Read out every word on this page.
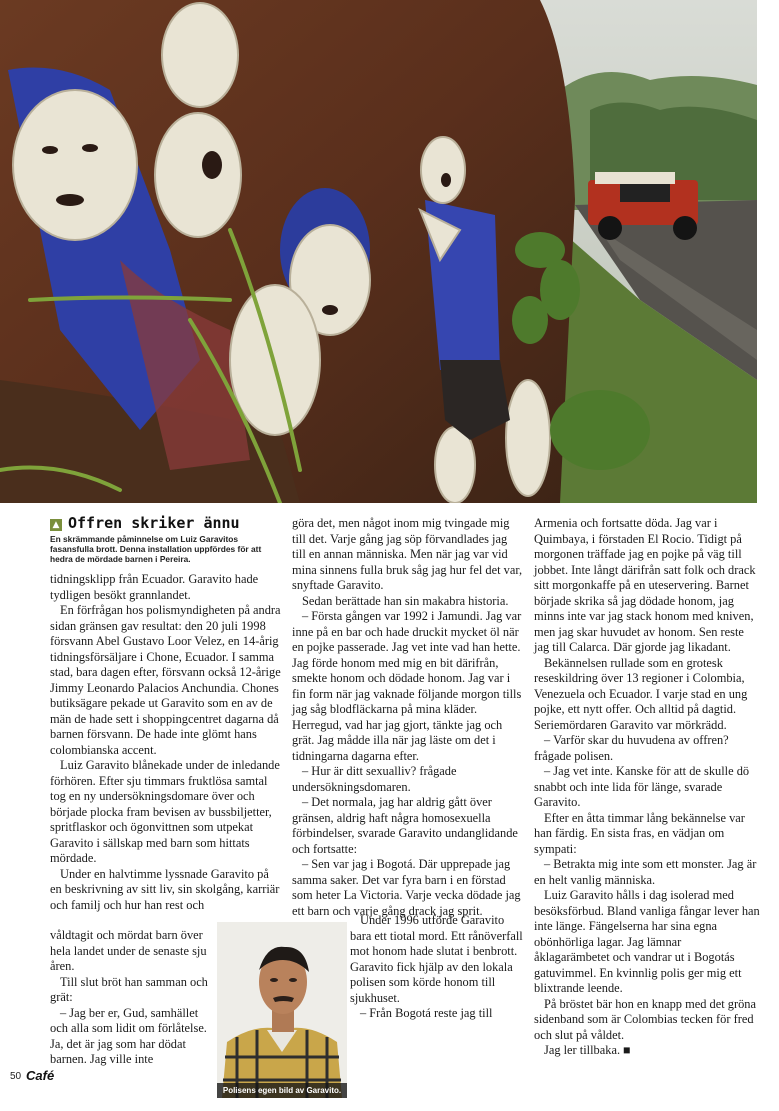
▲ Offren skriker ännu

En skrämmande påminnelse om Luiz Garavitos fasansfulla brott. Denna installation uppfördes för att hedra de mördade barnen i Pereira.

tidningsklipp från Ecuador. Garavito hade tydligen besökt grannlandet.

En förfrågan hos polismyndigheten på andra sidan gränsen gav resultat: den 20 juli 1998 försvann Abel Gustavo Loor Velez, en 14-årig tidningsförsäljare i Chone, Ecuador. I samma stad, bara dagen efter, försvann också 12-årige Jimmy Leonardo Palacios Anchundia. Chones butiksägare pekade ut Garavito som en av de män de hade sett i shoppingcentret dagarna då barnen försvann. De hade inte glömt hans colombianska accent.

Luiz Garavito blånekade under de inledande förhören. Efter sju timmars fruktlösa samtal tog en ny undersökningsdomare över och började plocka fram bevisen av bussbiljetter, spritflaskor och ögonvittnen som utpekat Garavito i sällskap med barn som hittats mördade.

Under en halvtimme lyssnade Garavito på en beskrivning av sitt liv, sin skolgång, karriär och familj och hur han rest och

våldtagit och mördat barn över hela landet under de senaste sju åren.

Till slut bröt han samman och grät:

– Jag ber er, Gud, samhället och alla som lidit om förlåtelse. Ja, det är jag som har dödat barnen. Jag ville inte

göra det, men något inom mig tvingade mig till det. Varje gång jag söp förvandlades jag till en annan människa. Men när jag var vid mina sinnens fulla bruk såg jag hur fel det var, snyftade Garavito.

Sedan berättade han sin makabra historia.

– Första gången var 1992 i Jamundi. Jag var inne på en bar och hade druckit mycket öl när en pojke passerade. Jag vet inte vad han hette. Jag förde honom med mig en bit därifrån, smekte honom och dödade honom. Jag var i fin form när jag vaknade följande morgon tills jag såg blodfläckarna på mina kläder. Herregud, vad har jag gjort, tänkte jag och grät. Jag mådde illa när jag läste om det i tidningarna dagarna efter.

– Hur är ditt sexualliv? frågade undersökningsdomaren.

– Det normala, jag har aldrig gått över gränsen, aldrig haft några homosexuella förbindelser, svarade Garavito undanglidande och fortsatte:

– Sen var jag i Bogotá. Där upprepade jag samma saker. Det var fyra barn i en förstad som heter La Victoria. Varje vecka dödade jag ett barn och varje gång drack jag sprit.

Under 1996 utförde Garavito bara ett tiotal mord. Ett rånöverfall mot honom hade slutat i benbrott. Garavito fick hjälp av den lokala polisen som körde honom till sjukhuset.

– Från Bogotá reste jag till

Armenia och fortsatte döda. Jag var i Quimbaya, i förstaden El Rocio. Tidigt på morgonen träffade jag en pojke på väg till jobbet. Inte långt därifrån satt folk och drack sitt morgonkaffe på en uteservering. Barnet började skrika så jag dödade honom, jag minns inte var jag stack honom med kniven, men jag skar huvudet av honom. Sen reste jag till Calarca. Där gjorde jag likadant.

Bekännelsen rullade som en grotesk reseskildring över 13 regioner i Colombia, Venezuela och Ecuador. I varje stad en ung pojke, ett nytt offer. Och alltid på dagtid. Seriemördaren Garavito var mörkrädd.

– Varför skar du huvudena av offren? frågade polisen.

– Jag vet inte. Kanske för att de skulle dö snabbt och inte lida för länge, svarade Garavito.

Efter en åtta timmar lång bekännelse var han färdig. En sista fras, en vädjan om sympati:

– Betrakta mig inte som ett monster. Jag är en helt vanlig människa.

Luiz Garavito hålls i dag isolerad med besöksförbud. Bland vanliga fångar lever han inte länge. Fängelserna har sina egna obönhörliga lagar. Jag lämnar åklagarämbetet och vandrar ut i Bogotás gatuvimmel. En kvinnlig polis ger mig ett blixtrande leende.

På bröstet bär hon en knapp med det gröna sidenband som är Colombias tecken för fred och slut på våldet.

Jag ler tillbaka. ■

Polisens egen bild av Garavito.
50 Café
